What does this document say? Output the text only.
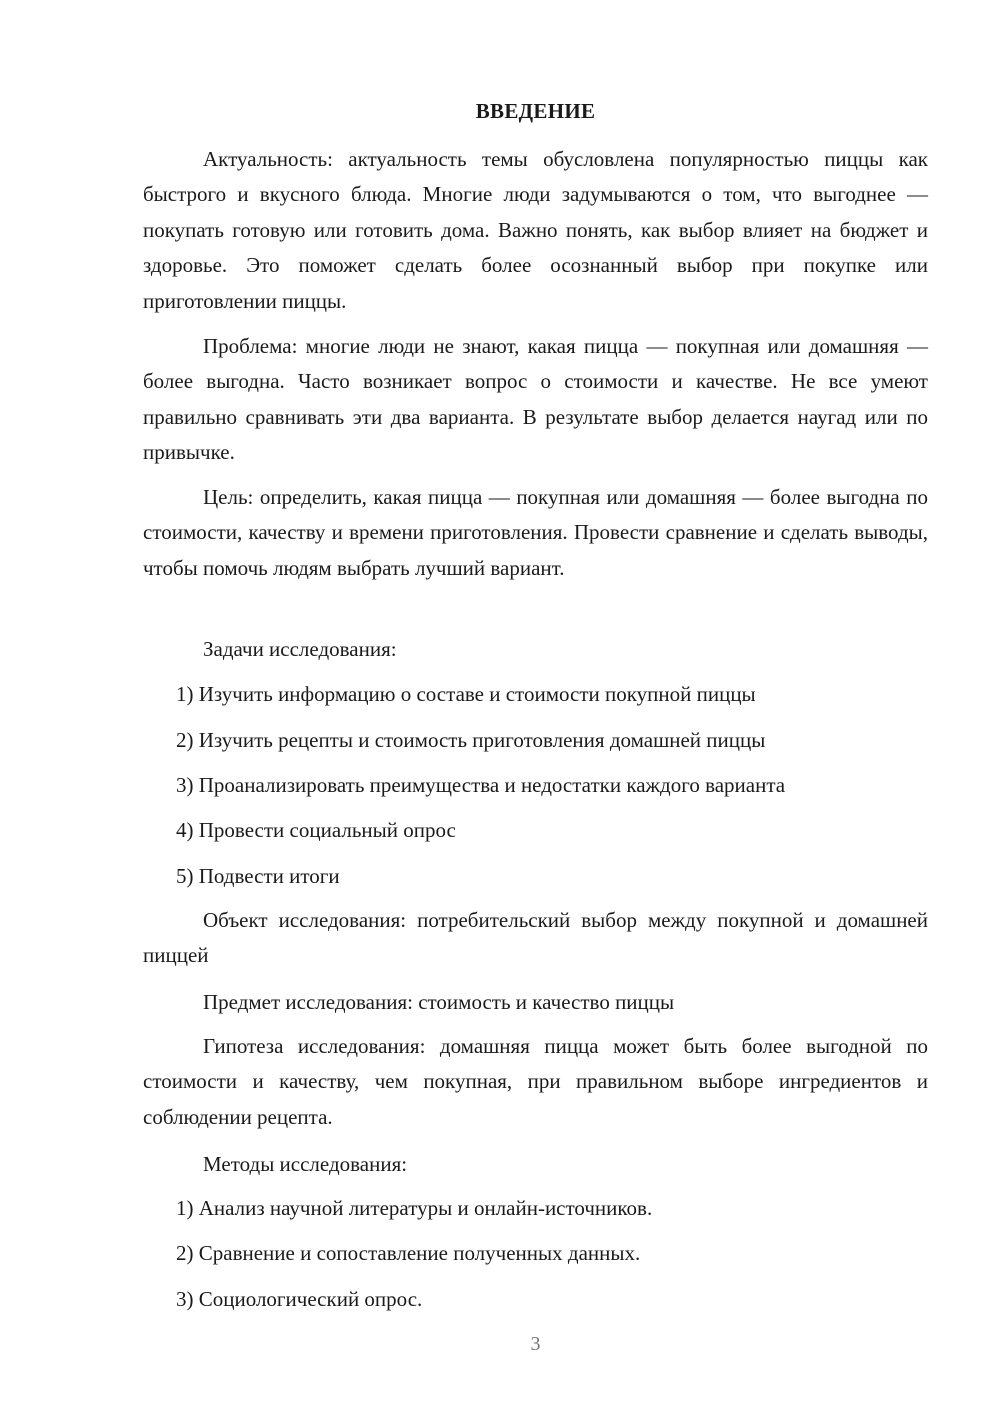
ВВЕДЕНИЕ

Актуальность: актуальность темы обусловлена популярностью пиццы как быстрого и вкусного блюда. Многие люди задумываются о том, что выгоднее — покупать готовую или готовить дома. Важно понять, как выбор влияет на бюджет и здоровье. Это поможет сделать более осознанный выбор при покупке или приготовлении пиццы.

Проблема: многие люди не знают, какая пицца — покупная или домашняя — более выгодна. Часто возникает вопрос о стоимости и качестве. Не все умеют правильно сравнивать эти два варианта. В результате выбор делается наугад или по привычке.

Цель: определить, какая пицца — покупная или домашняя — более выгодна по стоимости, качеству и времени приготовления. Провести сравнение и сделать выводы, чтобы помочь людям выбрать лучший вариант.

Задачи исследования:
1) Изучить информацию о составе и стоимости покупной пиццы
2) Изучить рецепты и стоимость приготовления домашней пиццы
3) Проанализировать преимущества и недостатки каждого варианта
4) Провести социальный опрос
5) Подвести итоги

Объект исследования: потребительский выбор между покупной и домашней пиццей

Предмет исследования: стоимость и качество пиццы

Гипотеза исследования: домашняя пицца может быть более выгодной по стоимости и качеству, чем покупная, при правильном выборе ингредиентов и соблюдении рецепта.

Методы исследования:
1) Анализ научной литературы и онлайн-источников.
2) Сравнение и сопоставление полученных данных.
3) Социологический опрос.
3
